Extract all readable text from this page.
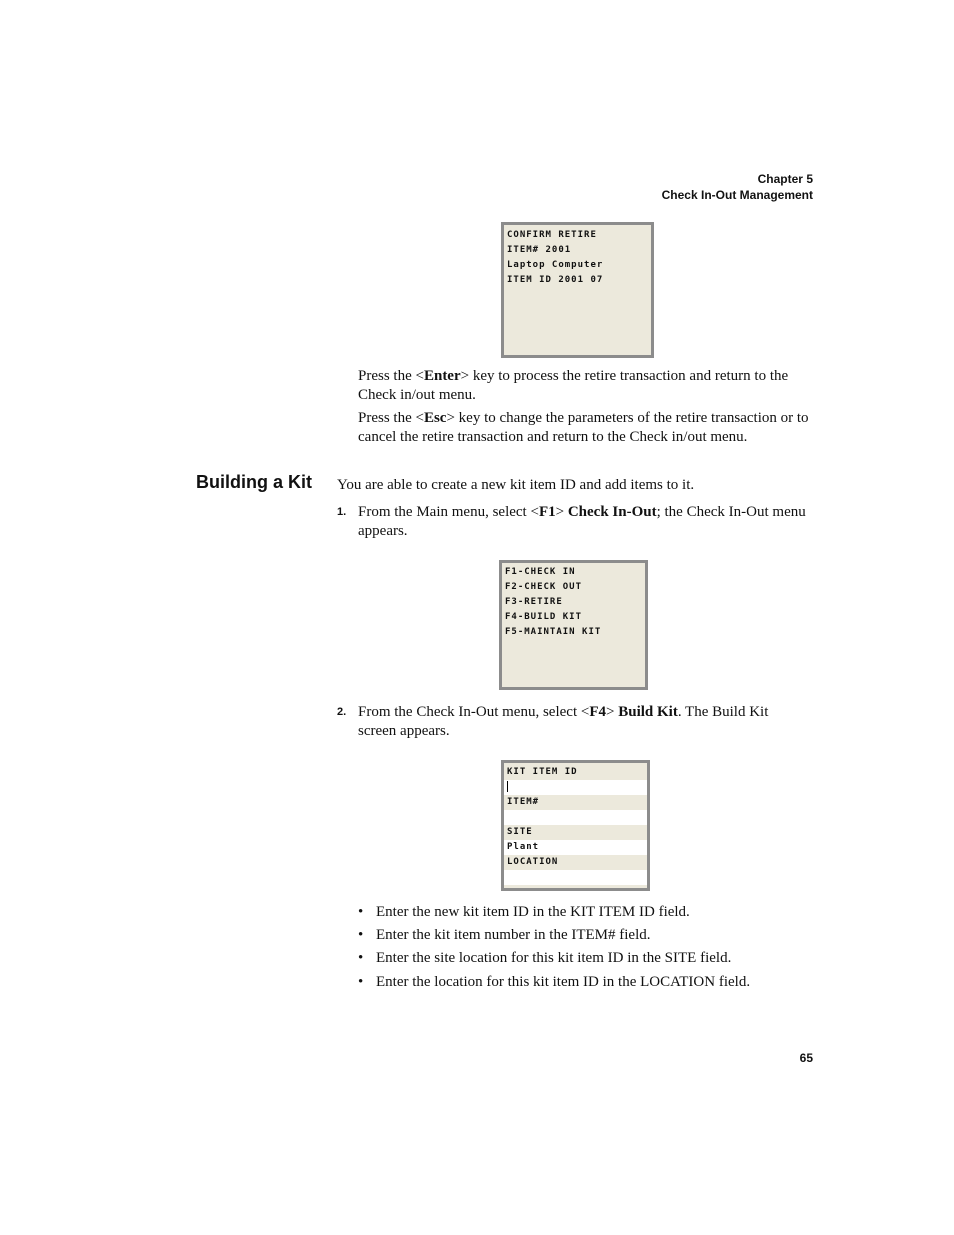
Chapter 5
Check In-Out Management
CONFIRM RETIRE
ITEM# 2001
Laptop Computer
ITEM ID 2001 07
Press the <Enter> key to process the retire transaction and return to the Check in/out menu.
Press the <Esc> key to change the parameters of the retire transaction or to cancel the retire transaction and return to the Check in/out menu.
Building a Kit You are able to create a new kit item ID and add items to it.
1. From the Main menu, select <F1> Check In-Out; the Check In-Out menu appears.
F1-CHECK IN
F2-CHECK OUT
F3-RETIRE
F4-BUILD KIT
F5-MAINTAIN KIT
2. From the Check In-Out menu, select <F4> Build Kit. The Build Kit screen appears.
KIT ITEM ID
ITEM#
SITE
Plant
LOCATION
• Enter the new kit item ID in the KIT ITEM ID field.
• Enter the kit item number in the ITEM# field.
• Enter the site location for this kit item ID in the SITE field.
• Enter the location for this kit item ID in the LOCATION field.
65
